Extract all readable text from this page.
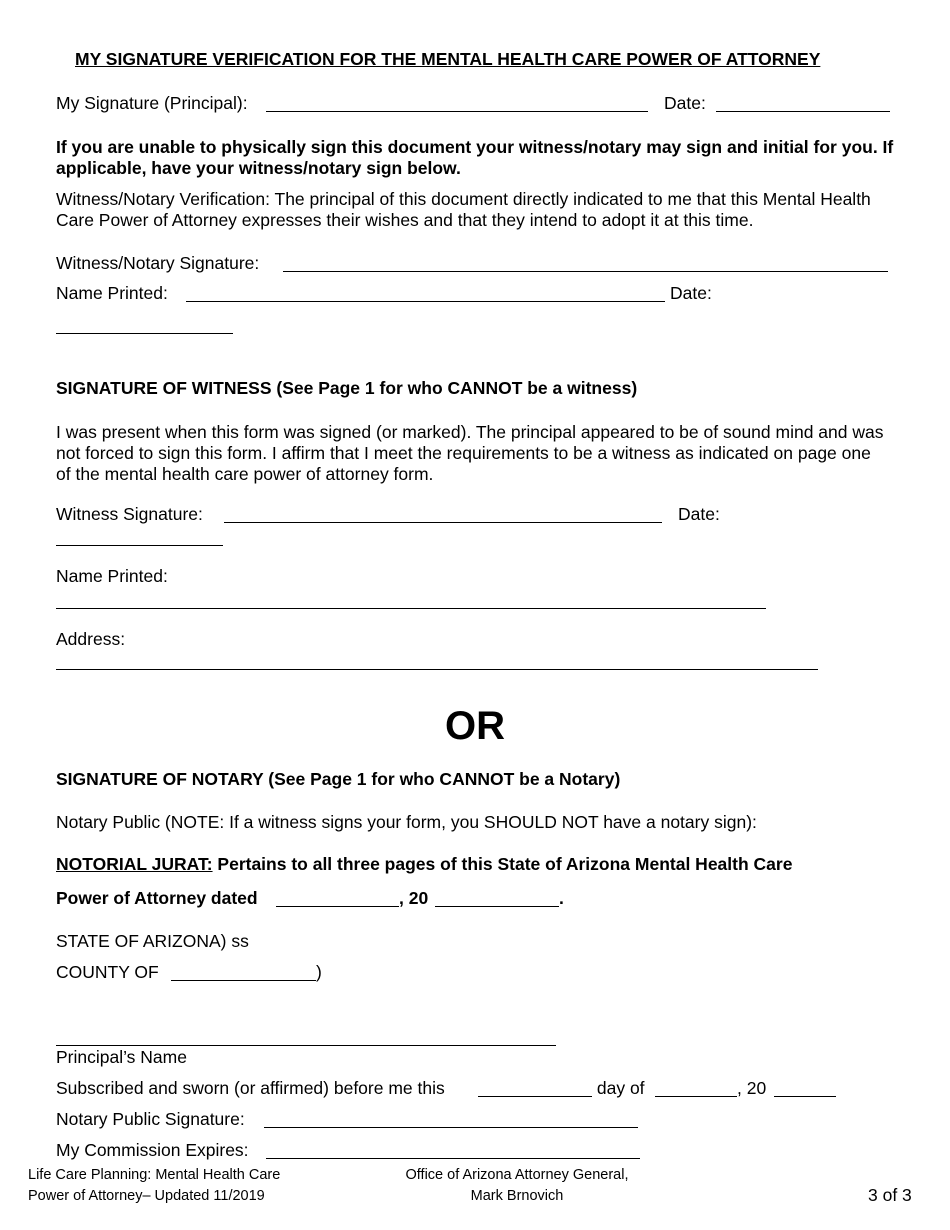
MY SIGNATURE VERIFICATION FOR THE MENTAL HEALTH CARE POWER OF ATTORNEY
My Signature (Principal):	Date:
If you are unable to physically sign this document your witness/notary may sign and initial for you. If applicable, have your witness/notary sign below.
Witness/Notary Verification: The principal of this document directly indicated to me that this Mental Health Care Power of Attorney expresses their wishes and that they intend to adopt it at this time.
Witness/Notary Signature:
Name Printed:	Date:
SIGNATURE OF WITNESS (See Page 1 for who CANNOT be a witness)
I was present when this form was signed (or marked). The principal appeared to be of sound mind and was not forced to sign this form. I affirm that I meet the requirements to be a witness as indicated on page one of the mental health care power of attorney form.
Witness Signature:	Date:
Name Printed:
Address:
OR
SIGNATURE OF NOTARY (See Page 1 for who CANNOT be a Notary)
Notary Public (NOTE: If a witness signs your form, you SHOULD NOT have a notary sign):
NOTORIAL JURAT: Pertains to all three pages of this State of Arizona Mental Health Care
Power of Attorney dated	, 20	.
STATE OF ARIZONA) ss
COUNTY OF	)
Principal’s Name
Subscribed and sworn (or affirmed) before me this	day of	, 20
Notary Public Signature:
My Commission Expires:
Life Care Planning: Mental Health Care
Power of Attorney– Updated 11/2019
Office of Arizona Attorney General,
Mark Brnovich	3 of 3
